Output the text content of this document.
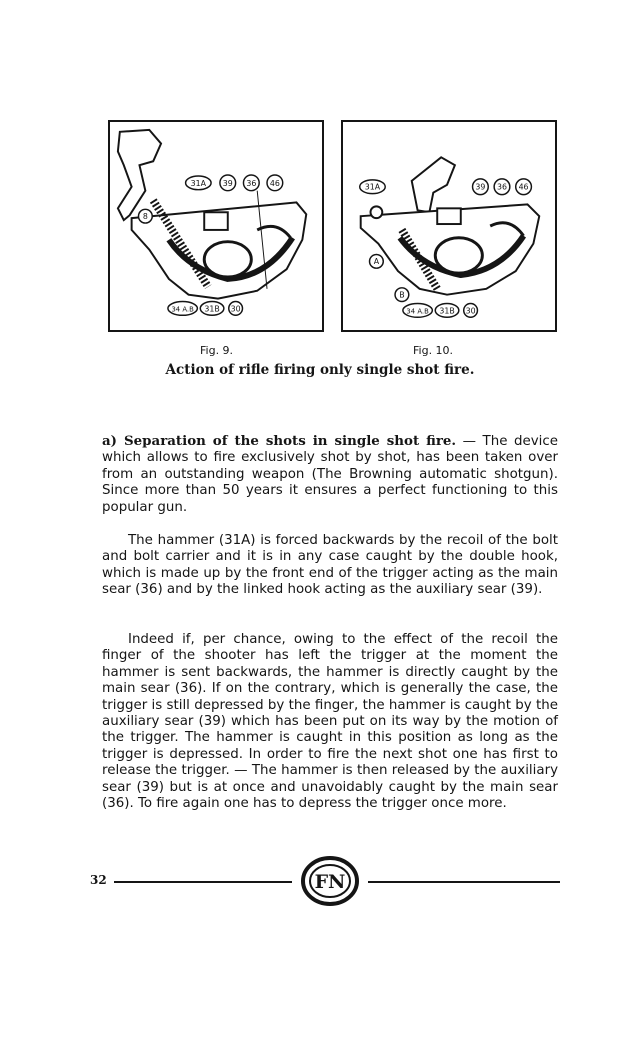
31A 39 36 46
8
34 A.B 31B 30
31A	39 36 46
A
B
34 A.B 31B 30
Fig. 9.	Fig. 10.
Action of rifle firing only single shot fire.

a) Separation of the shots in single shot fire. — The device which allows to fire exclusively shot by shot, has been taken over from an outstanding weapon (The Browning automatic shotgun). Since more than 50 years it ensures a perfect functioning to this popular gun.

The hammer (31A) is forced backwards by the recoil of the bolt and bolt carrier and it is in any case caught by the double hook, which is made up by the front end of the trigger acting as the main sear (36) and by the linked hook acting as the auxiliary sear (39).

Indeed if, per chance, owing to the effect of the recoil the finger of the shooter has left the trigger at the moment the hammer is sent backwards, the hammer is directly caught by the main sear (36). If on the contrary, which is generally the case, the trigger is still depressed by the finger, the hammer is caught by the auxiliary sear (39) which has been put on its way by the motion of the trigger. The hammer is caught in this position as long as the trigger is depressed. In order to fire the next shot one has first to release the trigger. — The hammer is then released by the auxiliary sear (39) but is at once and unavoidably caught by the main sear (36). To fire again one has to depress the trigger once more.

32	FN
